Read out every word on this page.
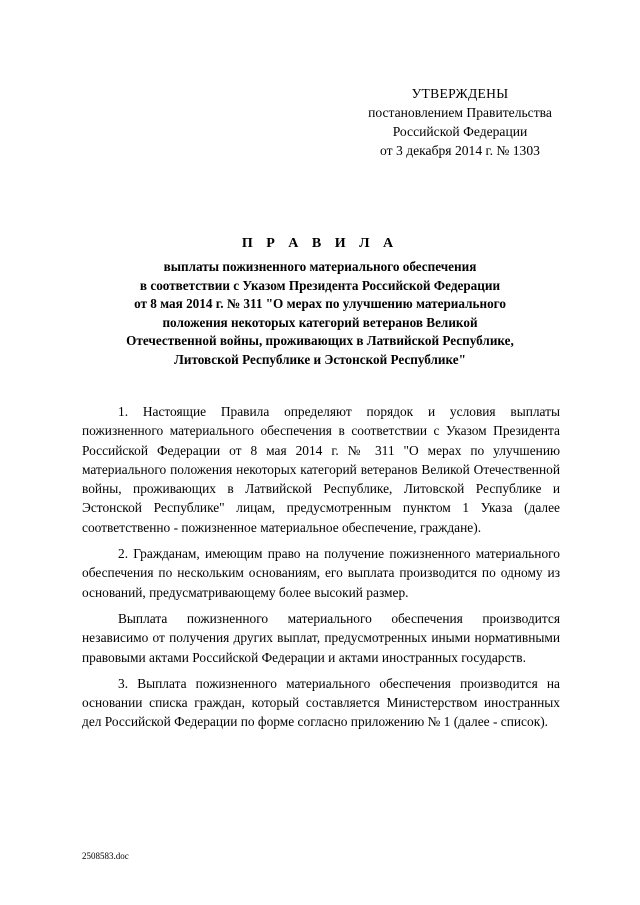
УТВЕРЖДЕНЫ
постановлением Правительства
Российской Федерации
от 3 декабря 2014 г. № 1303
П Р А В И Л А
выплаты пожизненного материального обеспечения
в соответствии с Указом Президента Российской Федерации
от 8 мая 2014 г. № 311 "О мерах по улучшению материального
положения некоторых категорий ветеранов Великой
Отечественной войны, проживающих в Латвийской Республике,
Литовской Республике и Эстонской Республике"

1. Настоящие Правила определяют порядок и условия выплаты пожизненного материального обеспечения в соответствии с Указом Президента Российской Федерации от 8 мая 2014 г. № 311 "О мерах по улучшению материального положения некоторых категорий ветеранов Великой Отечественной войны, проживающих в Латвийской Республике, Литовской Республике и Эстонской Республике" лицам, предусмотренным пунктом 1 Указа (далее соответственно - пожизненное материальное обеспечение, граждане).

2. Гражданам, имеющим право на получение пожизненного материального обеспечения по нескольким основаниям, его выплата производится по одному из оснований, предусматривающему более высокий размер.

Выплата пожизненного материального обеспечения производится независимо от получения других выплат, предусмотренных иными нормативными правовыми актами Российской Федерации и актами иностранных государств.

3. Выплата пожизненного материального обеспечения производится на основании списка граждан, который составляется Министерством иностранных дел Российской Федерации по форме согласно приложению № 1 (далее - список).

2508583.doc
